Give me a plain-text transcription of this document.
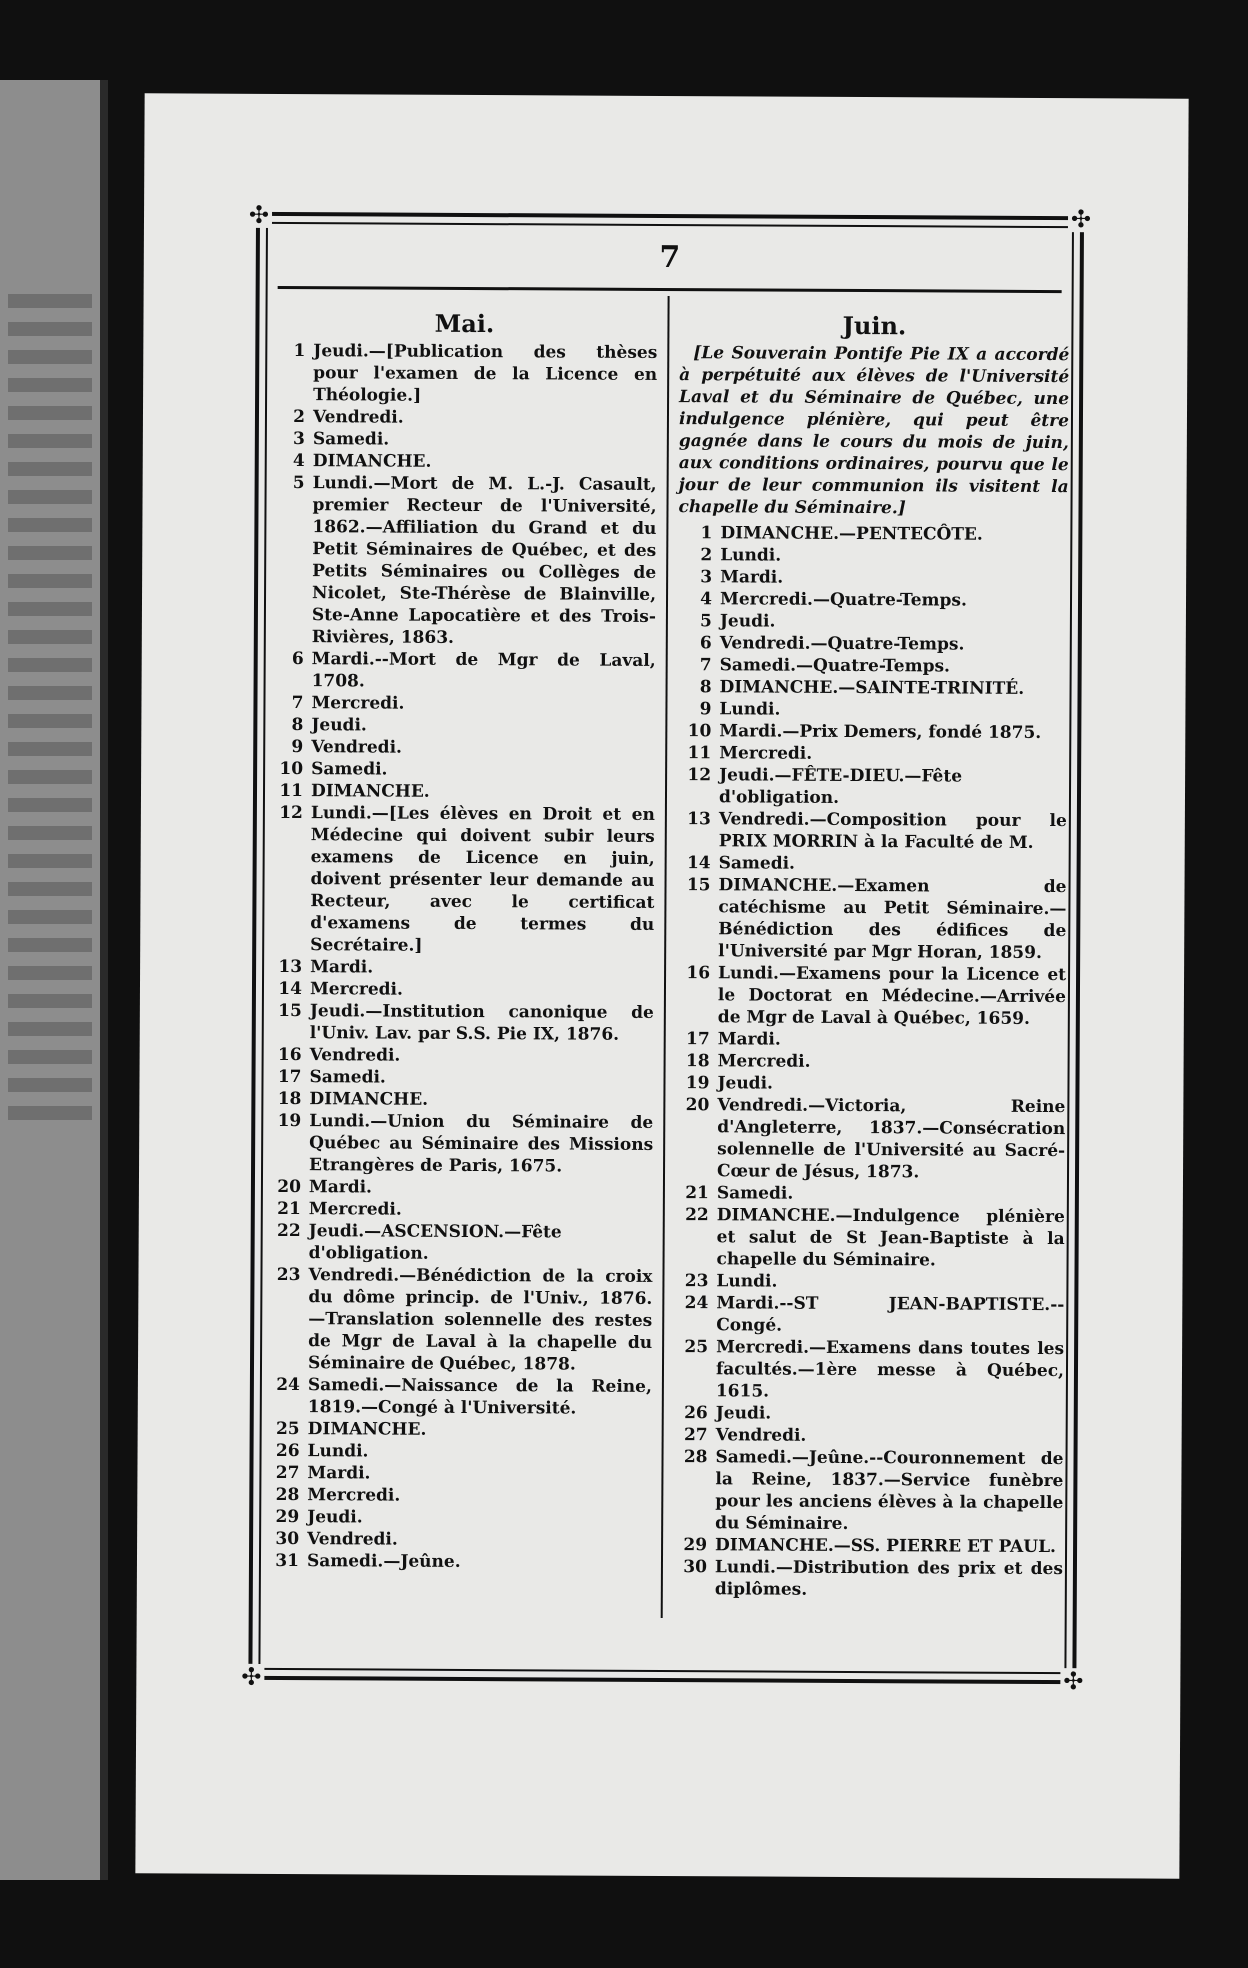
✣	✣
✣	✣
7
Mai.
1 Jeudi.—[Publication des thèses pour l'examen de la Licence en Théologie.]
2 Vendredi.
3 Samedi.
4 DIMANCHE.
5 Lundi.—Mort de M. L.-J. Casault, premier Recteur de l'Université, 1862.—Affiliation du Grand et du Petit Séminaires de Québec, et des Petits Séminaires ou Collèges de Nicolet, Ste-Thérèse de Blainville, Ste-Anne Lapocatière et des Trois-Rivières, 1863.
6 Mardi.--Mort de Mgr de Laval, 1708.
7 Mercredi.
8 Jeudi.
9 Vendredi.
10 Samedi.
11 DIMANCHE.
12 Lundi.—[Les élèves en Droit et en Médecine qui doivent subir leurs examens de Licence en juin, doivent présenter leur demande au Recteur, avec le certificat d'examens de termes du Secrétaire.]
13 Mardi.
14 Mercredi.
15 Jeudi.—Institution canonique de l'Univ. Lav. par S.S. Pie IX, 1876.
16 Vendredi.
17 Samedi.
18 DIMANCHE.
19 Lundi.—Union du Séminaire de Québec au Séminaire des Missions Etrangères de Paris, 1675.
20 Mardi.
21 Mercredi.
22 Jeudi.—ASCENSION.—Fête d'obligation.
23 Vendredi.—Bénédiction de la croix du dôme princip. de l'Univ., 1876. —Translation solennelle des restes de Mgr de Laval à la chapelle du Séminaire de Québec, 1878.
24 Samedi.—Naissance de la Reine, 1819.—Congé à l'Université.
25 DIMANCHE.
26 Lundi.
27 Mardi.
28 Mercredi.
29 Jeudi.
30 Vendredi.
31 Samedi.—Jeûne.
Juin.
[Le Souverain Pontife Pie IX a accordé à perpétuité aux élèves de l'Université Laval et du Séminaire de Québec, une indulgence plénière, qui peut être gagnée dans le cours du mois de juin, aux conditions ordinaires, pourvu que le jour de leur communion ils visitent la chapelle du Séminaire.]
1 DIMANCHE.—PENTECÔTE.
2 Lundi.
3 Mardi.
4 Mercredi.—Quatre-Temps.
5 Jeudi.
6 Vendredi.—Quatre-Temps.
7 Samedi.—Quatre-Temps.
8 DIMANCHE.—SAINTE-TRINITÉ.
9 Lundi.
10 Mardi.—Prix Demers, fondé 1875.
11 Mercredi.
12 Jeudi.—FÊTE-DIEU.—Fête d'obligation.
13 Vendredi.—Composition pour le PRIX MORRIN à la Faculté de M.
14 Samedi.
15 DIMANCHE.—Examen de catéchisme au Petit Séminaire.—Bénédiction des édifices de l'Université par Mgr Horan, 1859.
16 Lundi.—Examens pour la Licence et le Doctorat en Médecine.—Arrivée de Mgr de Laval à Québec, 1659.
17 Mardi.
18 Mercredi.
19 Jeudi.
20 Vendredi.—Victoria, Reine d'Angleterre, 1837.—Consécration solennelle de l'Université au Sacré-Cœur de Jésus, 1873.
21 Samedi.
22 DIMANCHE.—Indulgence plénière et salut de St Jean-Baptiste à la chapelle du Séminaire.
23 Lundi.
24 Mardi.--ST JEAN-BAPTISTE.--Congé.
25 Mercredi.—Examens dans toutes les facultés.—1ère messe à Québec, 1615.
26 Jeudi.
27 Vendredi.
28 Samedi.—Jeûne.--Couronnement de la Reine, 1837.—Service funèbre pour les anciens élèves à la chapelle du Séminaire.
29 DIMANCHE.—SS. PIERRE ET PAUL.
30 Lundi.—Distribution des prix et des diplômes.
